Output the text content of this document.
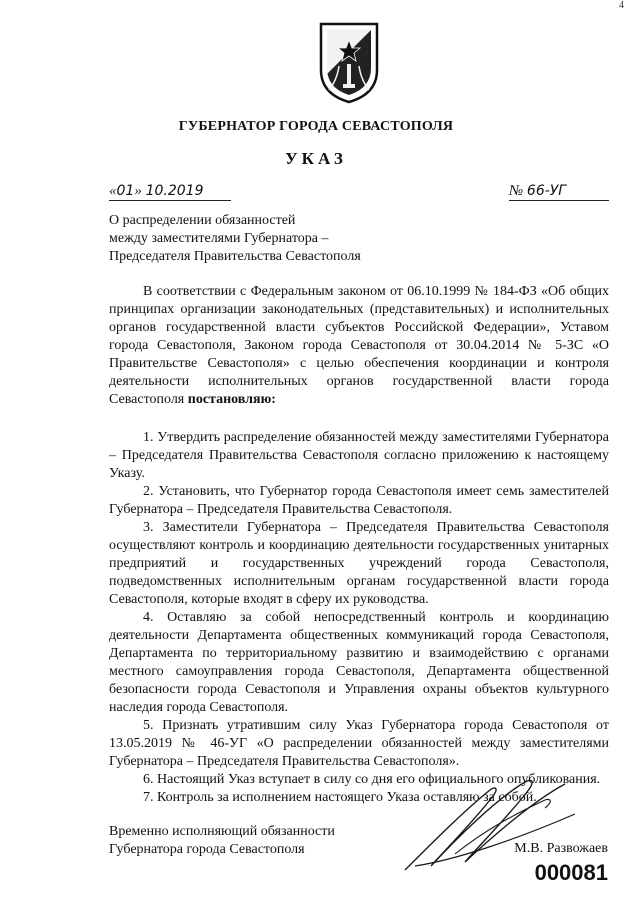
4
ГУБЕРНАТОР ГОРОДА СЕВАСТОПОЛЯ
УКАЗ
«01» 10.2019	№ 66-УГ
О распределении обязанностей
между заместителями Губернатора –
Председателя Правительства Севастополя

В соответствии с Федеральным законом от 06.10.1999 № 184-ФЗ «Об общих принципах организации законодательных (представительных) и исполнительных органов государственной власти субъектов Российской Федерации», Уставом города Севастополя, Законом города Севастополя от 30.04.2014 № 5-ЗС «О Правительстве Севастополя» с целью обеспечения координации и контроля деятельности исполнительных органов государственной власти города Севастополя постановляю:

1. Утвердить распределение обязанностей между заместителями Губернатора – Председателя Правительства Севастополя согласно приложению к настоящему Указу.

2. Установить, что Губернатор города Севастополя имеет семь заместителей Губернатора – Председателя Правительства Севастополя.

3. Заместители Губернатора – Председателя Правительства Севастополя осуществляют контроль и координацию деятельности государственных унитарных предприятий и государственных учреждений города Севастополя, подведомственных исполнительным органам государственной власти города Севастополя, которые входят в сферу их руководства.

4. Оставляю за собой непосредственный контроль и координацию деятельности Департамента общественных коммуникаций города Севастополя, Департамента по территориальному развитию и взаимодействию с органами местного самоуправления города Севастополя, Департамента общественной безопасности города Севастополя и Управления охраны объектов культурного наследия города Севастополя.

5. Признать утратившим силу Указ Губернатора города Севастополя от 13.05.2019 № 46-УГ «О распределении обязанностей между заместителями Губернатора – Председателя Правительства Севастополя».

6. Настоящий Указ вступает в силу со дня его официального опубликования.

7. Контроль за исполнением настоящего Указа оставляю за собой.

Временно исполняющий обязанности
Губернатора города Севастополя	М.В. Развожаев
000081
